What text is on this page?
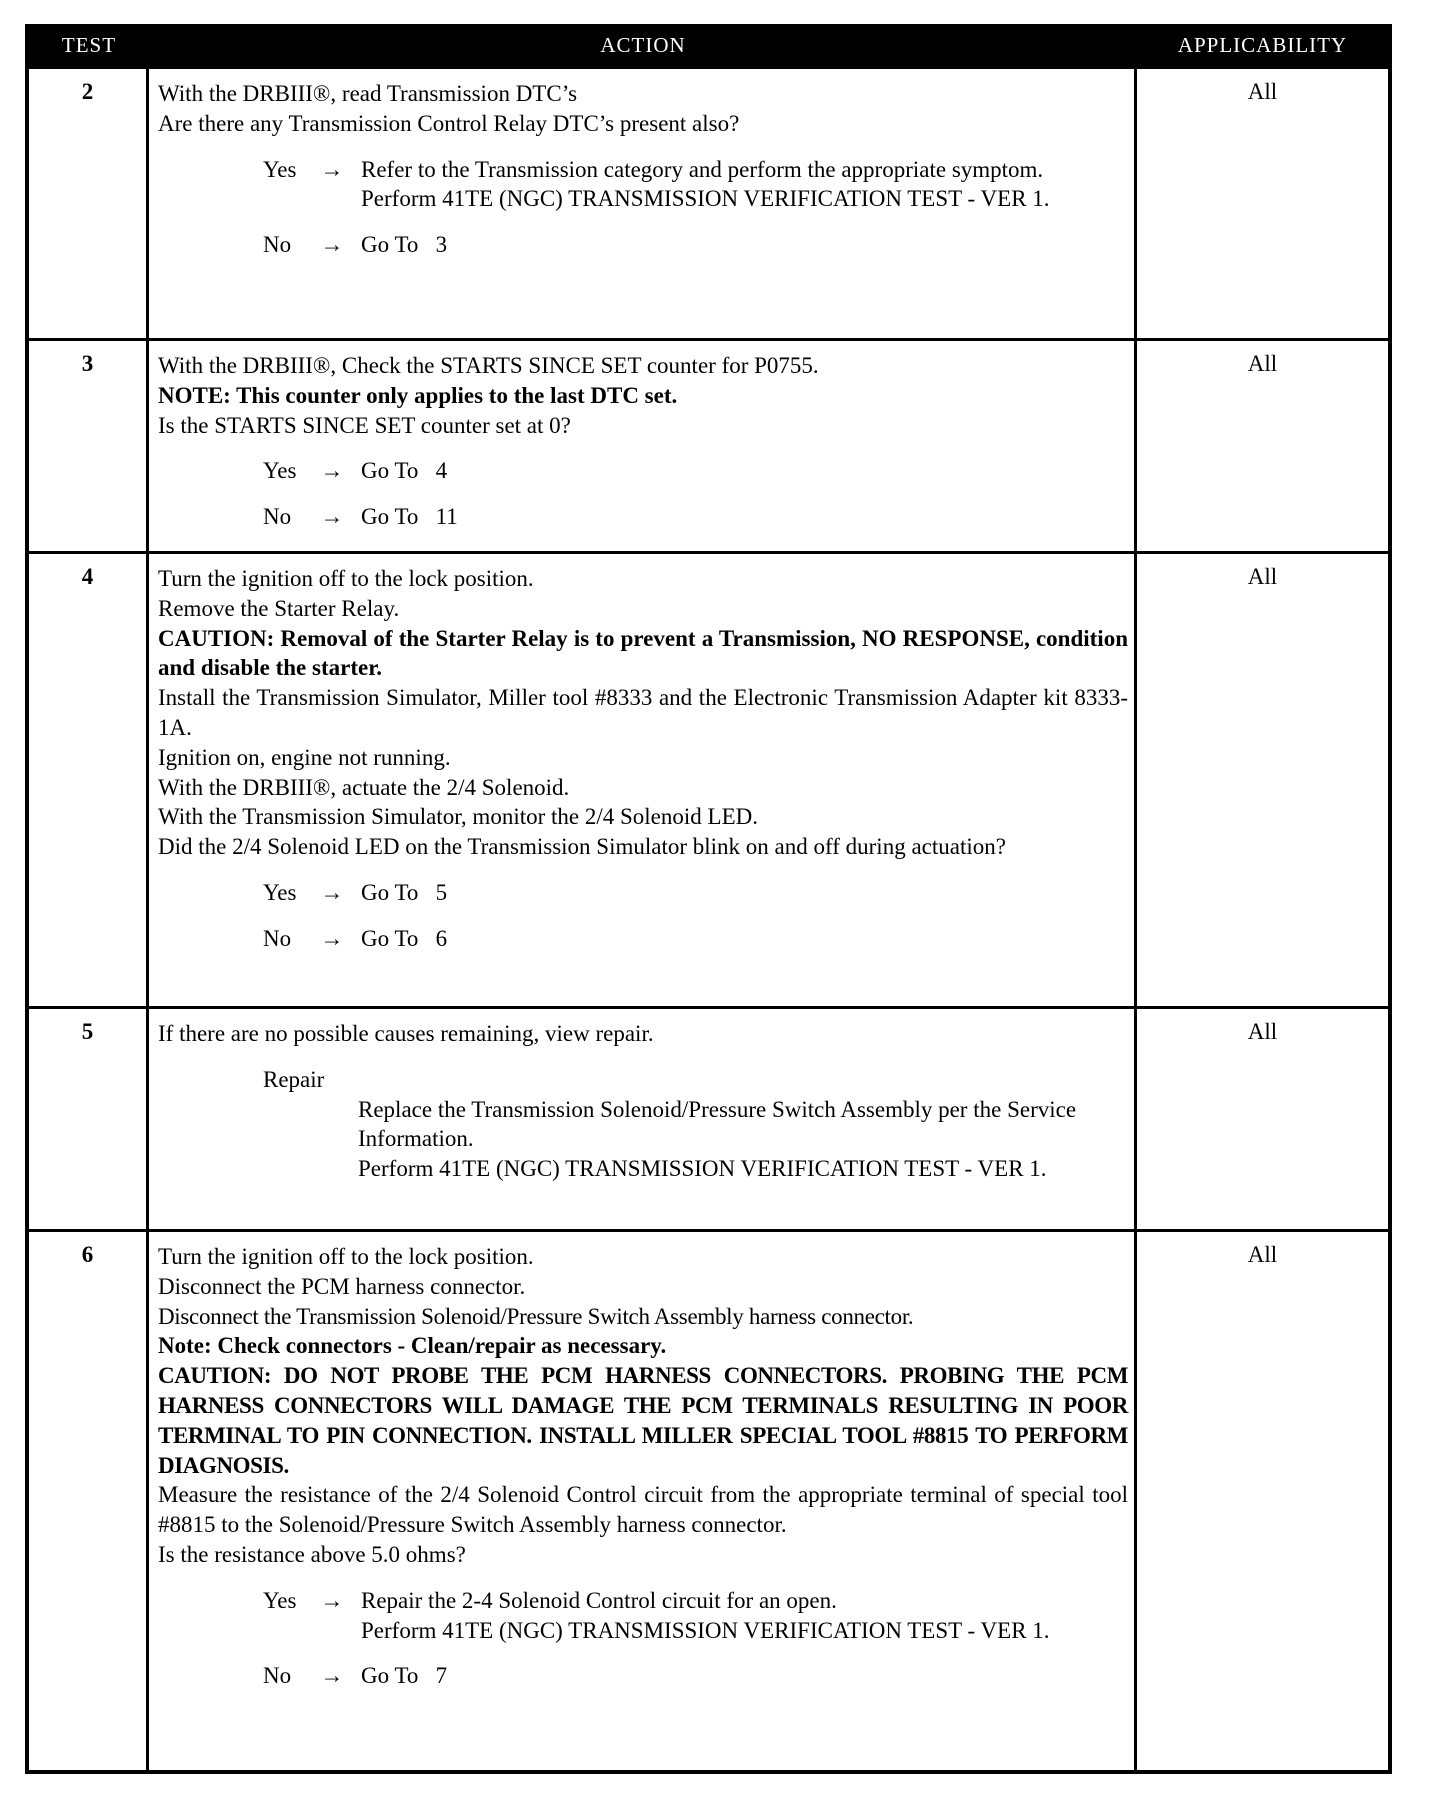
TEST	ACTION	APPLICABILITY
2	With the DRBIII®, read Transmission DTC’s
Are there any Transmission Control Relay DTC’s present also?
Yes	→ Refer to the Transmission category and perform the appropriate symptom.
Perform 41TE (NGC) TRANSMISSION VERIFICATION TEST - VER 1.
No	→ Go To   3
All
3	With the DRBIII®, Check the STARTS SINCE SET counter for P0755.
NOTE: This counter only applies to the last DTC set.
Is the STARTS SINCE SET counter set at 0?
Yes	→ Go To   4
No	→ Go To   11
All
4	Turn the ignition off to the lock position.
Remove the Starter Relay.
CAUTION: Removal of the Starter Relay is to prevent a Transmission, NO RESPONSE, condition and disable the starter.
Install the Transmission Simulator, Miller tool #8333 and the Electronic Transmission Adapter kit 8333-1A.
Ignition on, engine not running.
With the DRBIII®, actuate the 2/4 Solenoid.
With the Transmission Simulator, monitor the 2/4 Solenoid LED.
Did the 2/4 Solenoid LED on the Transmission Simulator blink on and off during actuation?
Yes	→ Go To   5
No	→ Go To   6
All
5	If there are no possible causes remaining, view repair.
Repair
Replace the Transmission Solenoid/Pressure Switch Assembly per the Service Information.
Perform 41TE (NGC) TRANSMISSION VERIFICATION TEST - VER 1.
All
6	Turn the ignition off to the lock position.
Disconnect the PCM harness connector.
Disconnect the Transmission Solenoid/Pressure Switch Assembly harness connector.
Note: Check connectors - Clean/repair as necessary.
CAUTION: DO NOT PROBE THE PCM HARNESS CONNECTORS. PROBING THE PCM HARNESS CONNECTORS WILL DAMAGE THE PCM TERMINALS RESULTING IN POOR TERMINAL TO PIN CONNECTION. INSTALL MILLER SPECIAL TOOL #8815 TO PERFORM DIAGNOSIS.
Measure the resistance of the 2/4 Solenoid Control circuit from the appropriate terminal of special tool #8815 to the Solenoid/Pressure Switch Assembly harness connector.
Is the resistance above 5.0 ohms?
Yes	→ Repair the 2-4 Solenoid Control circuit for an open.
Perform 41TE (NGC) TRANSMISSION VERIFICATION TEST - VER 1.
No	→ Go To   7
All
